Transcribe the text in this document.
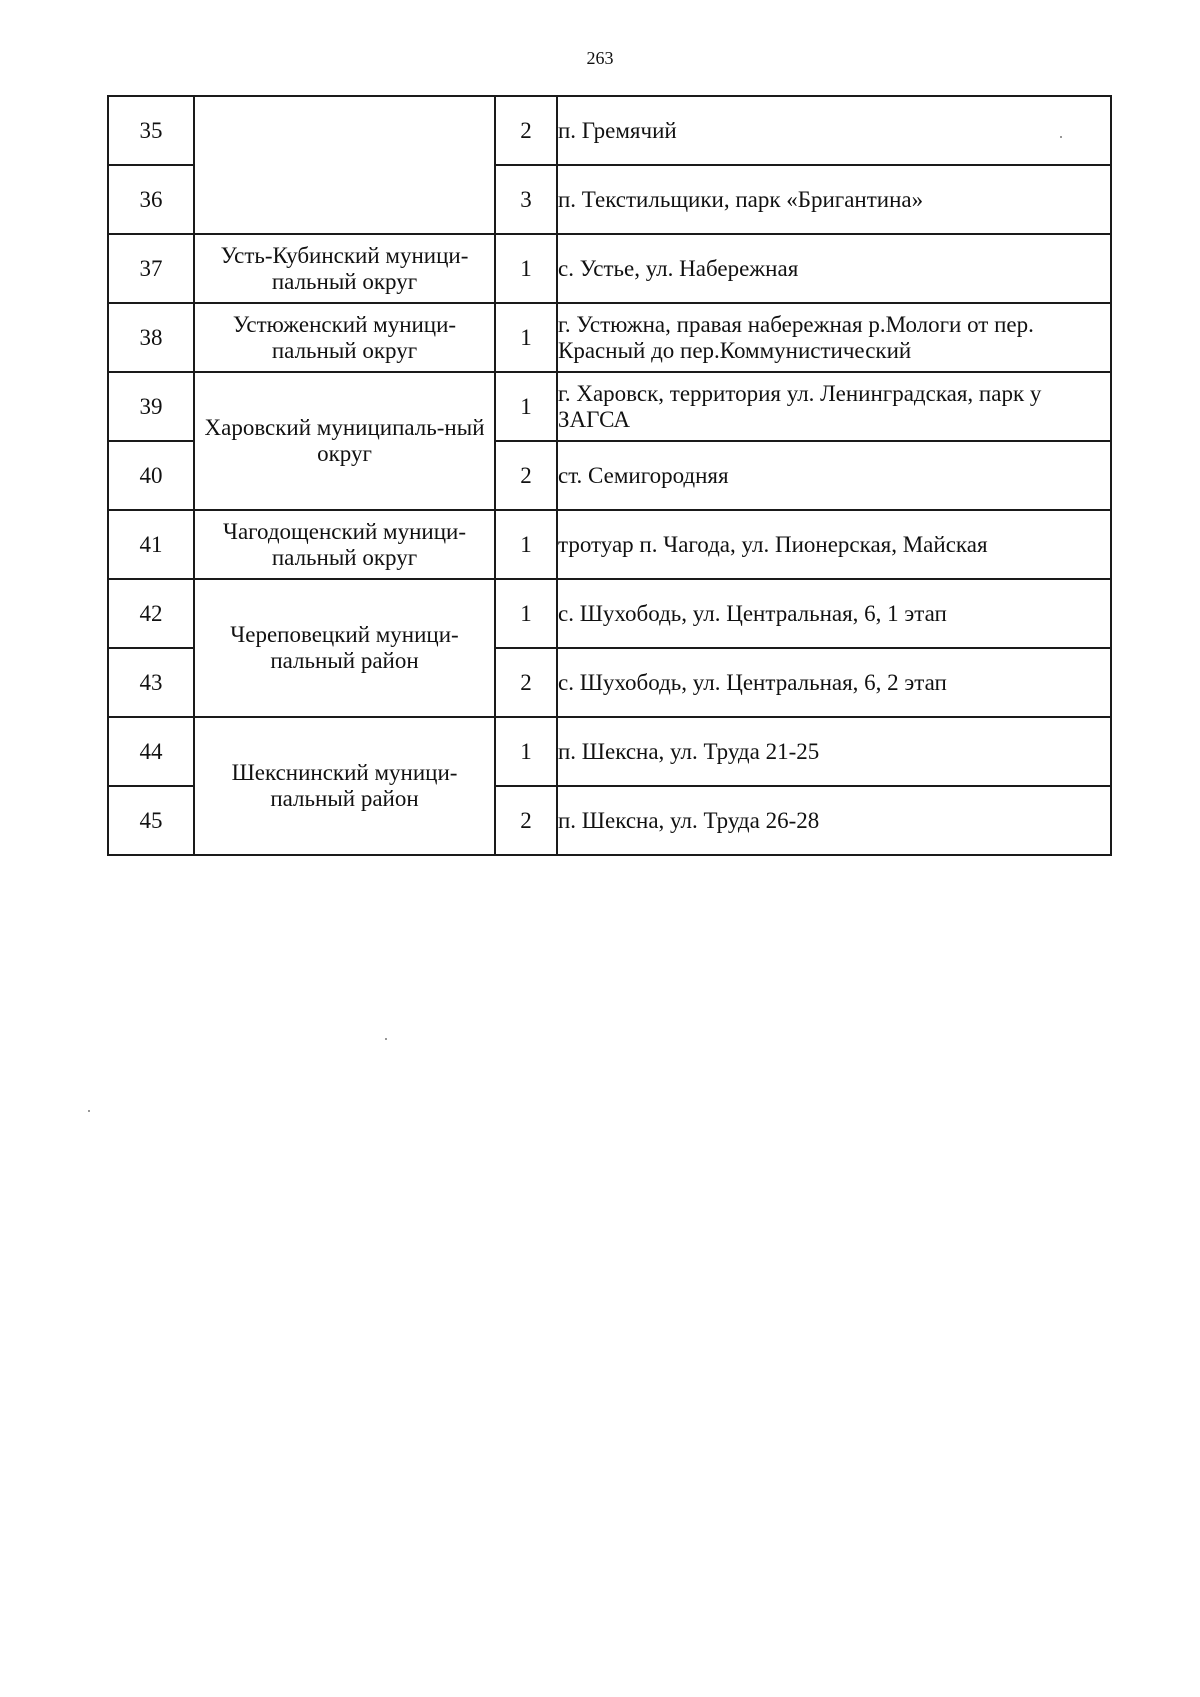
263
35		2	п. Гремячий
36		3	п. Текстильщики, парк «Бригантина»
37	Усть-Кубинский муници-пальный округ	1	с. Устье, ул. Набережная
38	Устюженский муници-пальный округ	1	г. Устюжна, правая набережная р.Мологи от пер. Красный до пер.Коммунистический
39	Харовский муниципаль-ный округ	1	г. Харовск, территория ул. Ленинградская, парк у ЗАГСА
40		2	ст. Семигородняя
41	Чагодощенский муници-пальный округ	1	тротуар п. Чагода, ул. Пионерская, Майская
42	Череповецкий муници-пальный район	1	с. Шухободь, ул. Центральная, 6, 1 этап
43		2	с. Шухободь, ул. Центральная, 6, 2 этап
44	Шекснинский муници-пальный район	1	п. Шексна, ул. Труда 21-25
45		2	п. Шексна, ул. Труда 26-28
